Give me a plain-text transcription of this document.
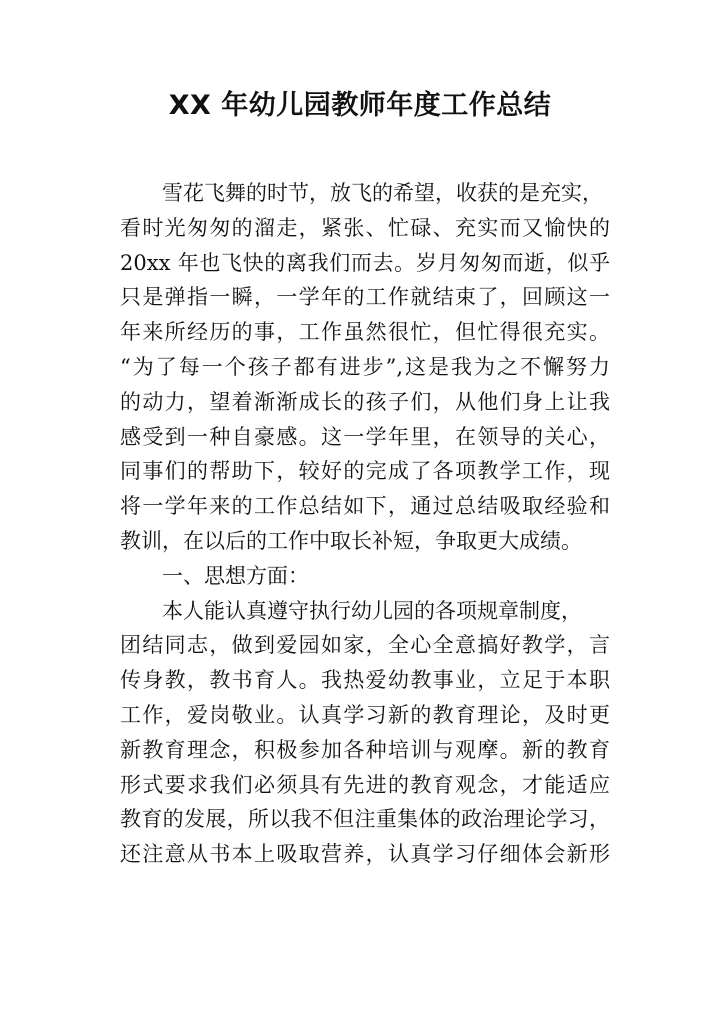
XX 年幼儿园教师年度工作总结
雪花飞舞的时节，放飞的希望，收获的是充实，
看时光匆匆的溜走，紧张、忙碌、充实而又愉快的
20xx 年也飞快的离我们而去。岁月匆匆而逝，似乎
只是弹指一瞬，一学年的工作就结束了，回顾这一
年来所经历的事，工作虽然很忙，但忙得很充实。
“为了每一个孩子都有进步”,这是我为之不懈努力
的动力，望着渐渐成长的孩子们，从他们身上让我
感受到一种自豪感。这一学年里，在领导的关心，
同事们的帮助下，较好的完成了各项教学工作，现
将一学年来的工作总结如下，通过总结吸取经验和
教训，在以后的工作中取长补短，争取更大成绩。
一、思想方面：
本人能认真遵守执行幼儿园的各项规章制度，
团结同志，做到爱园如家，全心全意搞好教学，言
传身教，教书育人。我热爱幼教事业，立足于本职
工作，爱岗敬业。认真学习新的教育理论，及时更
新教育理念，积极参加各种培训与观摩。新的教育
形式要求我们必须具有先进的教育观念，才能适应
教育的发展，所以我不但注重集体的政治理论学习，
还注意从书本上吸取营养，认真学习仔细体会新形
